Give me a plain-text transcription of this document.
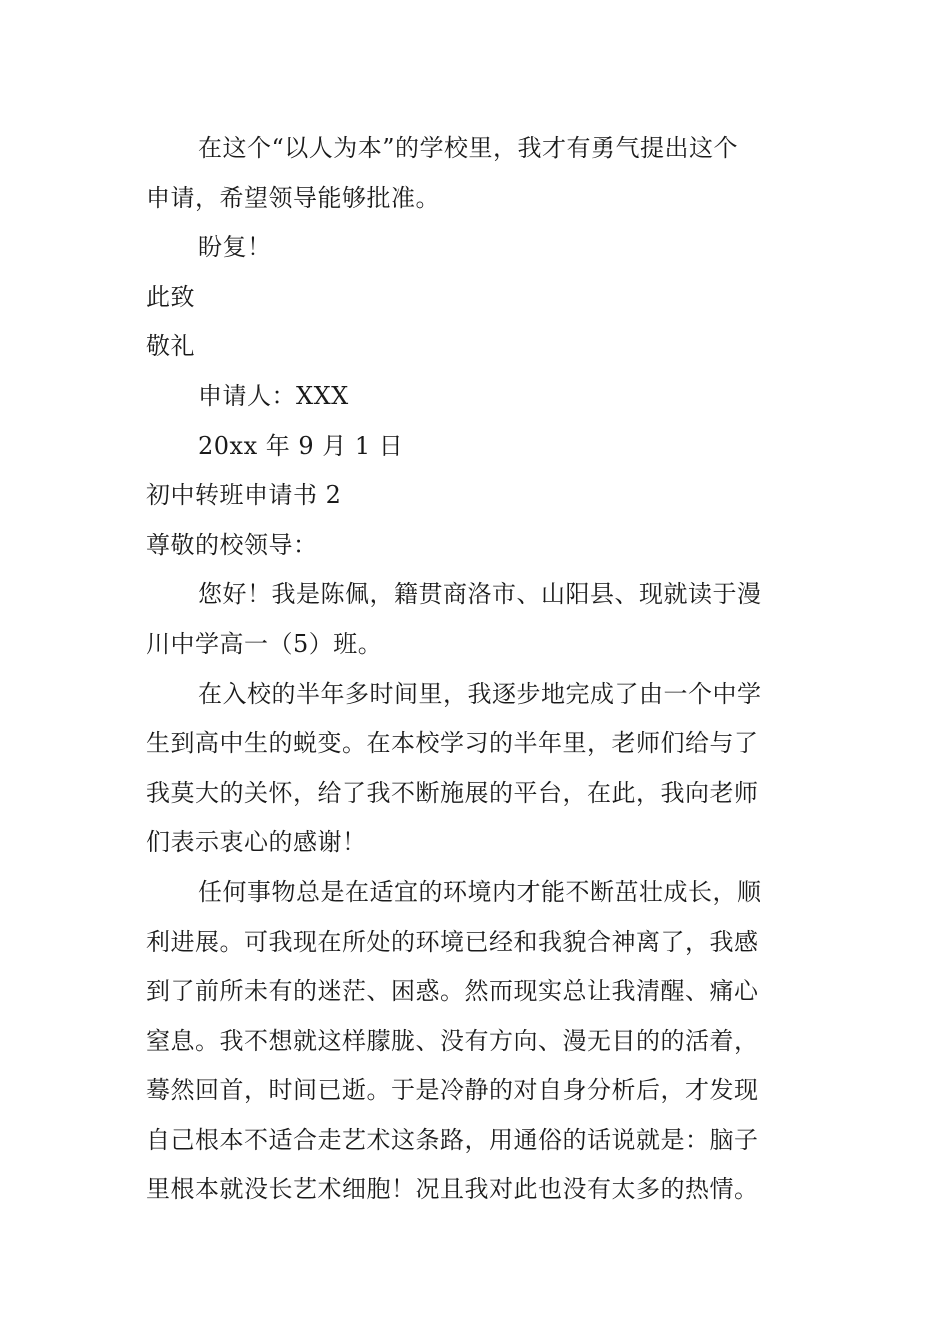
在这个“以人为本”的学校里，我才有勇气提出这个
申请，希望领导能够批准。
盼复！
此致
敬礼
申请人：XXX
20xx 年 9 月 1 日
初中转班申请书 2
尊敬的校领导：
您好！我是陈佩，籍贯商洛市、山阳县、现就读于漫
川中学高一（5）班。
在入校的半年多时间里，我逐步地完成了由一个中学
生到高中生的蜕变。在本校学习的半年里，老师们给与了
我莫大的关怀，给了我不断施展的平台，在此，我向老师
们表示衷心的感谢！
任何事物总是在适宜的环境内才能不断茁壮成长，顺
利进展。可我现在所处的环境已经和我貌合神离了，我感
到了前所未有的迷茫、困惑。然而现实总让我清醒、痛心
窒息。我不想就这样朦胧、没有方向、漫无目的的活着，
蓦然回首，时间已逝。于是冷静的对自身分析后，才发现
自己根本不适合走艺术这条路，用通俗的话说就是：脑子
里根本就没长艺术细胞！况且我对此也没有太多的热情。
